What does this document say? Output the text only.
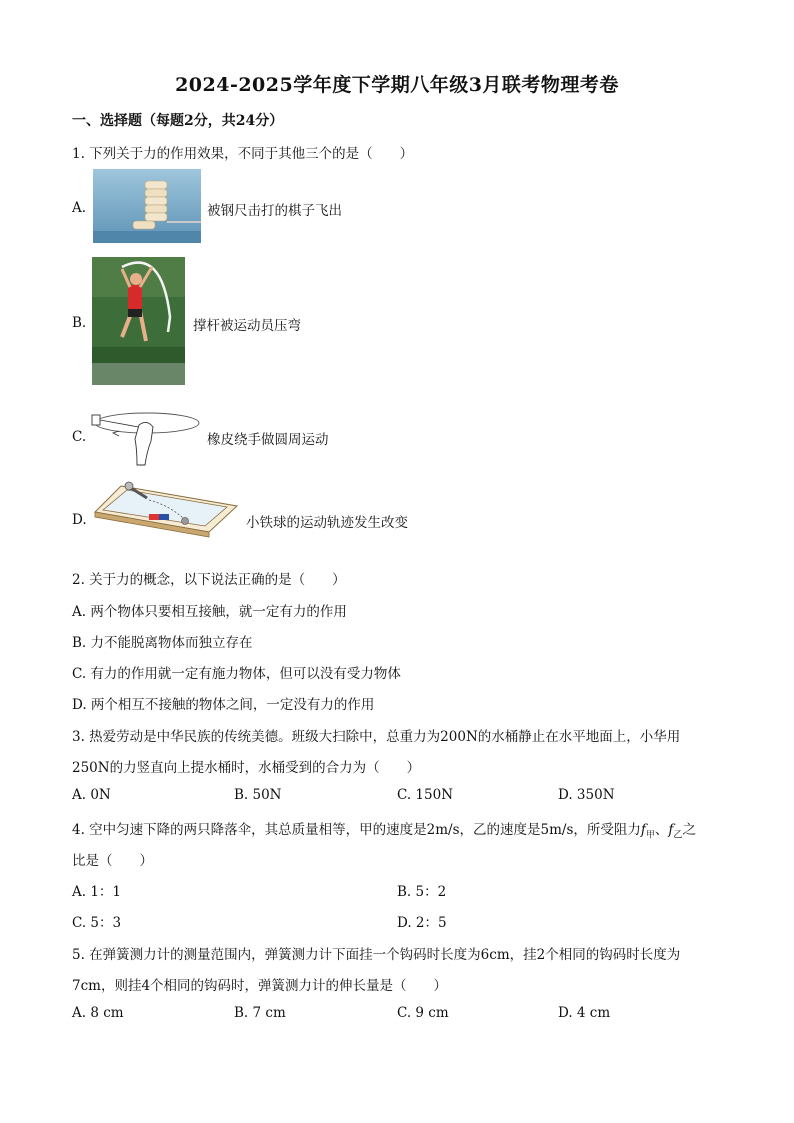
2024-2025学年度下学期八年级3月联考物理考卷
一、选择题（每题2分，共24分）
1. 下列关于力的作用效果，不同于其他三个的是（　　）
A.	被钢尺击打的棋子飞出
B.	撑杆被运动员压弯
C.	橡皮绕手做圆周运动
D.	小铁球的运动轨迹发生改变
2. 关于力的概念，以下说法正确的是（　　）
A. 两个物体只要相互接触，就一定有力的作用
B. 力不能脱离物体而独立存在
C. 有力的作用就一定有施力物体，但可以没有受力物体
D. 两个相互不接触的物体之间，一定没有力的作用
3. 热爱劳动是中华民族的传统美德。班级大扫除中，总重力为200N的水桶静止在水平地面上，小华用
250N的力竖直向上提水桶时，水桶受到的合力为（　　）
A. 0N	B. 50N	C. 150N	D. 350N
4. 空中匀速下降的两只降落伞，其总质量相等，甲的速度是2m/s，乙的速度是5m/s，所受阻力$f_甲$、$f_乙$之
比是（　　）
A. 1：1	B. 5：2
C. 5：3	D. 2：5
5. 在弹簧测力计的测量范围内，弹簧测力计下面挂一个钩码时长度为6cm，挂2个相同的钩码时长度为
7cm，则挂4个相同的钩码时，弹簧测力计的伸长量是（　　）
A. 8 cm	B. 7 cm	C. 9 cm	D. 4 cm
